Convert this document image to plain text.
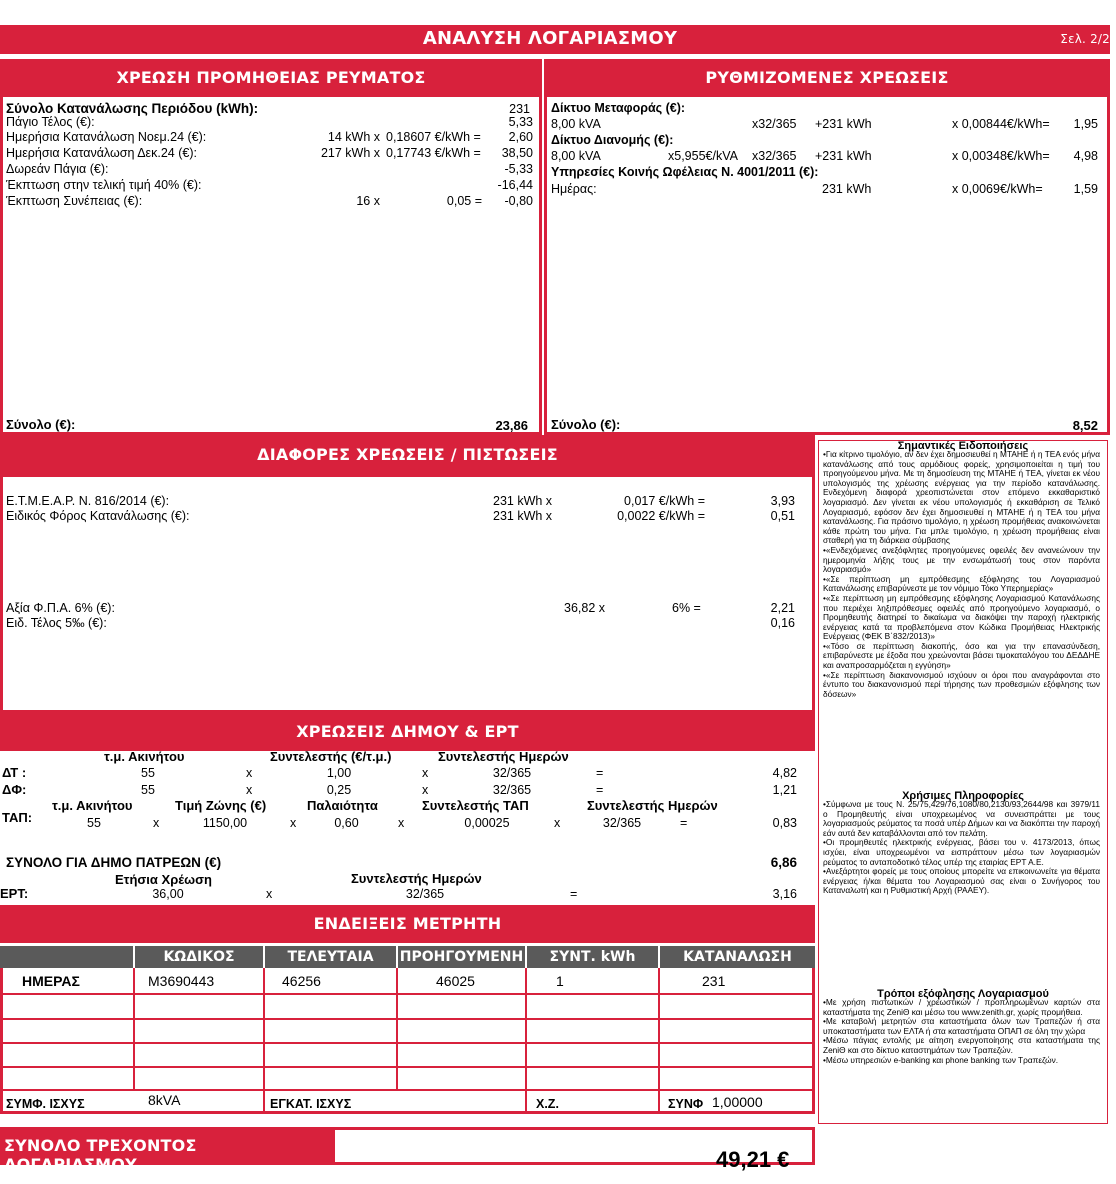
ΑΝΑΛΥΣΗ ΛΟΓΑΡΙΑΣΜΟΥ	Σελ. 2/2
ΧΡΕΩΣΗ ΠΡΟΜΗΘΕΙΑΣ ΡΕΥΜΑΤΟΣ
Σύνολο Κατανάλωσης Περιόδου (kWh):	231
Πάγιο Τέλος (€):	5,33
Ημερήσια Κατανάλωση Νοεμ.24 (€):	14 kWh x 0,18607 €/kWh =	2,60
Ημερήσια Κατανάλωση Δεκ.24 (€):	217 kWh x 0,17743 €/kWh =	38,50
Δωρεάν Πάγια (€):	-5,33
Έκπτωση στην τελική τιμή 40% (€):	-16,44
Έκπτωση Συνέπειας (€):	16 x	0,05 =	-0,80
Σύνολο (€):	23,86
ΡΥΘΜΙΖΟΜΕΝΕΣ ΧΡΕΩΣΕΙΣ
Δίκτυο Μεταφοράς (€):
8,00 kVA	x32/365 +231 kWh	x 0,00844€/kWh=	1,95
Δίκτυο Διανομής (€):
8,00 kVA	x5,955€/kVA x32/365 +231 kWh	x 0,00348€/kWh=	4,98
Υπηρεσίες Κοινής Ωφέλειας Ν. 4001/2011 (€):
Ημέρας:	231 kWh	x 0,0069€/kWh=	1,59
Σύνολο (€):	8,52
ΔΙΑΦΟΡΕΣ ΧΡΕΩΣΕΙΣ / ΠΙΣΤΩΣΕΙΣ
Ε.Τ.Μ.Ε.Α.Ρ. Ν. 816/2014 (€):	231 kWh x	0,017 €/kWh =	3,93
Ειδικός Φόρος Κατανάλωσης (€):	231 kWh x	0,0022 €/kWh =	0,51
Αξία Φ.Π.Α. 6% (€):	36,82 x	6% =	2,21
Ειδ. Τέλος 5‰ (€):	0,16
ΧΡΕΩΣΕΙΣ ΔΗΜΟΥ & ΕΡΤ
τ.μ. Ακινήτου	Συντελεστής (€/τ.μ.)	Συντελεστής Ημερών
ΔΤ :	55	x	1,00	x	32/365	=	4,82
ΔΦ:	55	x	0,25	x	32/365	=	1,21
τ.μ. Ακινήτου	Τιμή Ζώνης (€)	Παλαιότητα	Συντελεστής ΤΑΠ	Συντελεστής Ημερών
ΤΑΠ:	55	x	1150,00	x	0,60	x	0,00025	x	32/365	=	0,83
ΣΥΝΟΛΟ ΓΙΑ ΔΗΜΟ ΠΑΤΡΕΩΝ (€)	6,86
Ετήσια Χρέωση	Συντελεστής Ημερών
ΕΡΤ:	36,00	x	32/365	=	3,16
ΕΝΔΕΙΞΕΙΣ ΜΕΤΡΗΤΗ
ΚΩΔΙΚΟΣ	ΤΕΛΕΥΤΑΙΑ	ΠΡΟΗΓΟΥΜΕΝΗ	ΣΥΝΤ. kWh	ΚΑΤΑΝΑΛΩΣΗ
ΗΜΕΡΑΣ	M3690443	46256	46025	1	231
ΣΥΜΦ. ΙΣΧΥΣ	8kVA	ΕΓΚΑΤ. ΙΣΧΥΣ	Χ.Ζ.	ΣΥΝΦ 1,00000
ΣΥΝΟΛΟ ΤΡΕΧΟΝΤΟΣ ΛΟΓΑΡΙΑΣΜΟΥ	49,21 €
Σημαντικές Ειδοποιήσεις

•Για κίτρινο τιμολόγιο, αν δεν έχει δημοσιευθεί η ΜΤΑΗΕ ή η ΤΕΑ ενός μήνα κατανάλωσης από τους αρμόδιους φορείς, χρησιμοποιείται η τιμή του προηγούμενου μήνα. Με τη δημοσίευση της ΜΤΑΗΕ ή ΤΕΑ, γίνεται εκ νέου υπολογισμός της χρέωσης ενέργειας για την περίοδο κατανάλωσης. Ενδεχόμενη διαφορά χρεοπιστώνεται στον επόμενο εκκαθαριστικό λογαριασμό. Δεν γίνεται εκ νέου υπολογισμός ή εκκαθάριση σε Τελικό Λογαριασμό, εφόσον δεν έχει δημοσιευθεί η ΜΤΑΗΕ ή η ΤΕΑ του μήνα κατανάλωσης. Για πράσινο τιμολόγιο, η χρέωση προμήθειας ανακοινώνεται κάθε πρώτη του μήνα. Για μπλε τιμολόγιο, η χρέωση προμήθειας είναι σταθερή για τη διάρκεια σύμβασης

•«Ενδεχόμενες ανεξόφλητες προηγούμενες οφειλές δεν ανανεώνουν την ημερομηνία λήξης τους με την ενσωμάτωσή τους στον παρόντα λογαριασμό»

•«Σε περίπτωση μη εμπρόθεσμης εξόφλησης του Λογαριασμού Κατανάλωσης επιβαρύνεστε με τον νόμιμο Τόκο Υπερημερίας»

•«Σε περίπτωση μη εμπρόθεσμης εξόφλησης Λογαριασμού Κατανάλωσης που περιέχει ληξιπρόθεσμες οφειλές από προηγούμενο λογαριασμό, ο Προμηθευτής διατηρεί το δικαίωμα να διακόψει την παροχή ηλεκτρικής ενέργειας κατά τα προβλεπόμενα στον Κώδικα Προμήθειας Ηλεκτρικής Ενέργειας (ΦΕΚ Β΄832/2013)»

•«Τόσο σε περίπτωση διακοπής, όσο και για την επανασύνδεση, επιβαρύνεστε με έξοδα που χρεώνονται βάσει τιμοκαταλόγου του ΔΕΔΔΗΕ και αναπροσαρμόζεται η εγγύηση»

•«Σε περίπτωση διακανονισμού ισχύουν οι όροι που αναγράφονται στο έντυπο του διακανονισμού περί τήρησης των προθεσμιών εξόφλησης των δόσεων»

Χρήσιμες Πληροφορίες

•Σύμφωνα με τους Ν. 25/75,429/76,1080/80,2130/93,2644/98 και 3979/11 ο Προμηθευτής είναι υποχρεωμένος να συνεισπράττει με τους λογαριασμούς ρεύματος τα ποσά υπέρ Δήμων και να διακόπτει την παροχή εάν αυτά δεν καταβάλλονται από τον πελάτη.

•Οι προμηθευτές ηλεκτρικής ενέργειας, βάσει του ν. 4173/2013, όπως ισχύει, είναι υποχρεωμένοι να εισπράττουν μέσω των λογαριασμών ρεύματος το ανταποδοτικό τέλος υπέρ της εταιρίας ΕΡΤ Α.Ε.

•Ανεξάρτητοι φορείς με τους οποίους μπορείτε να επικοινωνείτε για θέματα ενέργειας ή/και θέματα του Λογαριασμού σας είναι ο Συνήγορος του Καταναλωτή και η Ρυθμιστική Αρχή (ΡΑΑΕΥ).

Τρόποι εξόφλησης Λογαριασμού

•Με χρήση πιστωτικών / χρεωστικών / προπληρωμένων καρτών στα καταστήματα της ZeniΘ και μέσω του www.zenith.gr, χωρίς προμήθεια.

•Με καταβολή μετρητών στα καταστήματα όλων των Τραπεζών ή στα υποκαταστήματα των ΕΛΤΑ ή στα καταστήματα ΟΠΑΠ σε όλη την χώρα

•Μέσω πάγιας εντολής με αίτηση ενεργοποίησης στα καταστήματα της ZeniΘ και στο δίκτυο καταστημάτων των Τραπεζών.

•Μέσω υπηρεσιών e-banking και phone banking των Τραπεζών.
